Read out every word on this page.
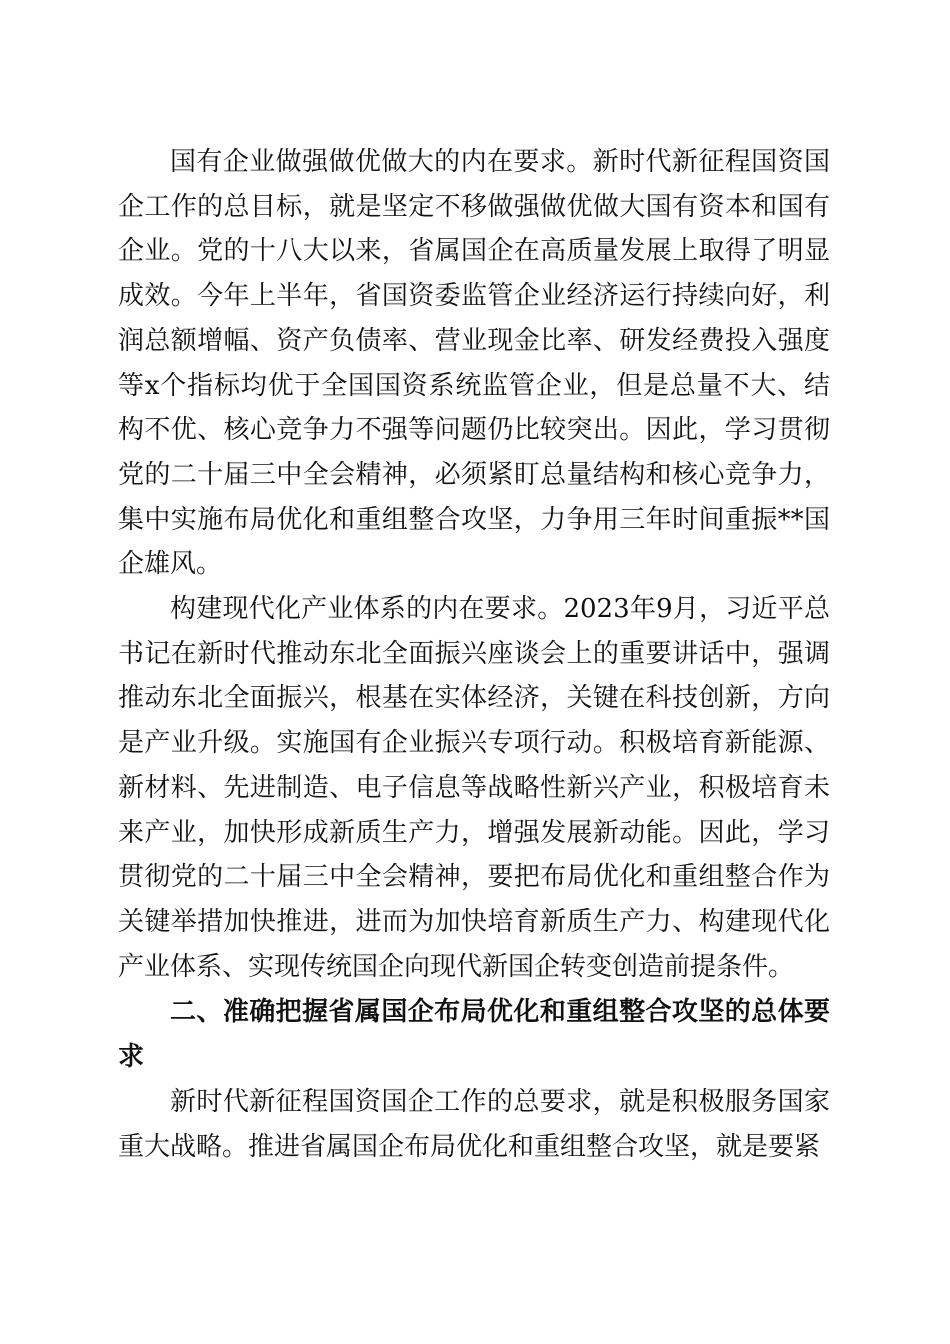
国有企业做强做优做大的内在要求。新时代新征程国资国企工作的总目标，就是坚定不移做强做优做大国有资本和国有企业。党的十八大以来，省属国企在高质量发展上取得了明显成效。今年上半年，省国资委监管企业经济运行持续向好，利润总额增幅、资产负债率、营业现金比率、研发经费投入强度等x个指标均优于全国国资系统监管企业，但是总量不大、结构不优、核心竞争力不强等问题仍比较突出。因此，学习贯彻党的二十届三中全会精神，必须紧盯总量结构和核心竞争力，集中实施布局优化和重组整合攻坚，力争用三年时间重振**国企雄风。

构建现代化产业体系的内在要求。2023年9月，习近平总书记在新时代推动东北全面振兴座谈会上的重要讲话中，强调推动东北全面振兴，根基在实体经济，关键在科技创新，方向是产业升级。实施国有企业振兴专项行动。积极培育新能源、新材料、先进制造、电子信息等战略性新兴产业，积极培育未来产业，加快形成新质生产力，增强发展新动能。因此，学习贯彻党的二十届三中全会精神，要把布局优化和重组整合作为关键举措加快推进，进而为加快培育新质生产力、构建现代化产业体系、实现传统国企向现代新国企转变创造前提条件。

二、准确把握省属国企布局优化和重组整合攻坚的总体要求

新时代新征程国资国企工作的总要求，就是积极服务国家重大战略。推进省属国企布局优化和重组整合攻坚，就是要紧
